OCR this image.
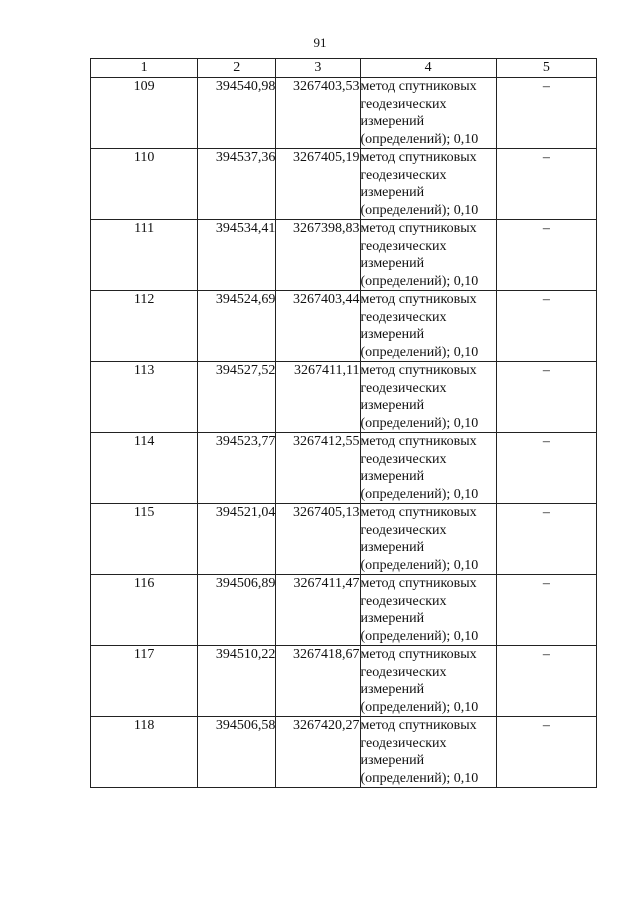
91
1	2	3	4	5
109	394540,98	3267403,53	метод спутниковых
геодезических
измерений
(определений); 0,10	–
110	394537,36	3267405,19	метод спутниковых
геодезических
измерений
(определений); 0,10	–
111	394534,41	3267398,83	метод спутниковых
геодезических
измерений
(определений); 0,10	–
112	394524,69	3267403,44	метод спутниковых
геодезических
измерений
(определений); 0,10	–
113	394527,52	3267411,11	метод спутниковых
геодезических
измерений
(определений); 0,10	–
114	394523,77	3267412,55	метод спутниковых
геодезических
измерений
(определений); 0,10	–
115	394521,04	3267405,13	метод спутниковых
геодезических
измерений
(определений); 0,10	–
116	394506,89	3267411,47	метод спутниковых
геодезических
измерений
(определений); 0,10	–
117	394510,22	3267418,67	метод спутниковых
геодезических
измерений
(определений); 0,10	–
118	394506,58	3267420,27	метод спутниковых
геодезических
измерений
(определений); 0,10	–
